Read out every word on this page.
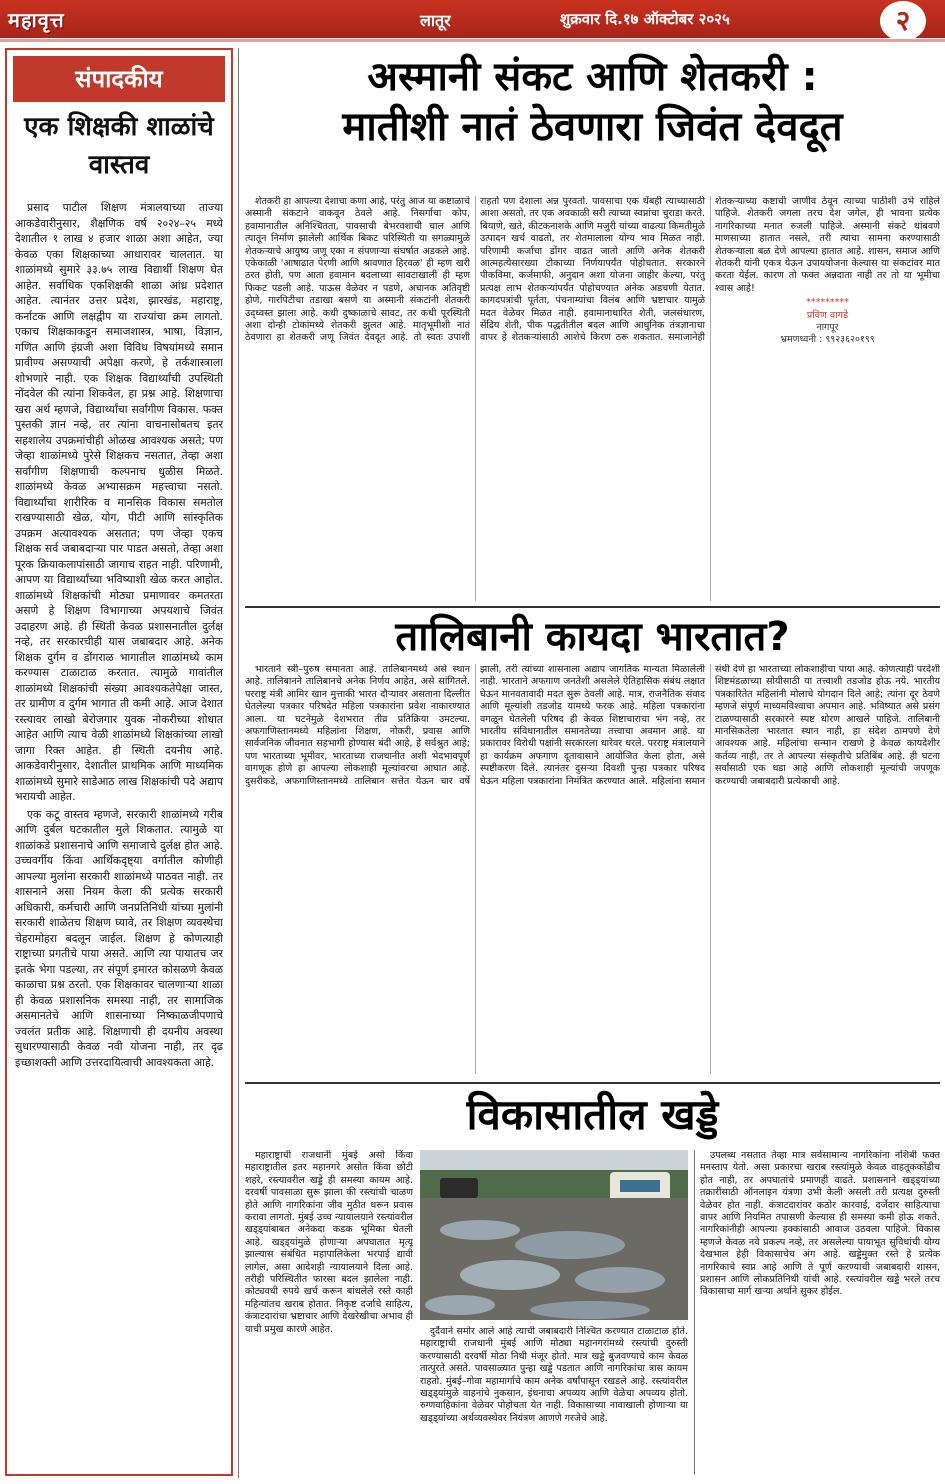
महावृत्त	लातूर	शुक्रवार दि.१७ ऑक्टोबर २०२५	२
संपादकीय
एक शिक्षकी शाळांचे वास्तव

प्रसाद पाटील शिक्षण मंत्रालयाच्या ताज्या आकडेवारीनुसार, शैक्षणिक वर्ष २०२४–२५ मध्ये देशातील १ लाख ४ हजार शाळा अशा आहेत, ज्या केवळ एका शिक्षकाच्या आधारावर चालतात. या शाळांमध्ये सुमारे ३३.७५ लाख विद्यार्थी शिक्षण घेत आहेत. सर्वाधिक एकशिक्षकी शाळा आंध्र प्रदेशात आहेत. त्यानंतर उत्तर प्रदेश, झारखंड, महाराष्ट्र, कर्नाटक आणि लक्षद्वीप या राज्यांचा क्रम लागतो. एकाच शिक्षकाकडून समाजशास्त्र, भाषा, विज्ञान, गणित आणि इंग्रजी अशा विविध विषयांमध्ये समान प्रावीण्य असण्याची अपेक्षा करणे, हे तर्कशास्त्राला शोभणारे नाही. एक शिक्षक विद्यार्थ्यांची उपस्थिती नोंदवेल की त्यांना शिकवेल, हा प्रश्न आहे. शिक्षणाचा खरा अर्थ म्हणजे, विद्यार्थ्यांचा सर्वांगीण विकास. फक्त पुस्तकी ज्ञान नव्हे, तर त्यांना वाचनासोबतच इतर सहशालेय उपक्रमांचीही ओळख आवश्यक असते; पण जेव्हा शाळांमध्ये पुरेसे शिक्षकच नसतात, तेव्हा अशा सर्वांगीण शिक्षणाची कल्पनाच धुळीस मिळते. शाळांमध्ये केवळ अभ्यासक्रम महत्त्वाचा नसतो. विद्यार्थ्यांचा शारीरिक व मानसिक विकास समतोल राखण्यासाठी खेळ, योग, पीटी आणि सांस्कृतिक उपक्रम अत्यावश्यक असतात; पण जेव्हा एकच शिक्षक सर्व जबाबदाऱ्या पार पाडत असतो, तेव्हा अशा पूरक क्रियाकलापांसाठी जागाच राहत नाही. परिणामी, आपण या विद्यार्थ्यांच्या भविष्याशी खेळ करत आहोत. शाळांमध्ये शिक्षकांची मोठ्या प्रमाणावर कमतरता असणे हे शिक्षण विभागाच्या अपयशाचे जिवंत उदाहरण आहे. ही स्थिती केवळ प्रशासनातील दुर्लक्ष नव्हे, तर सरकारचीही यास जबाबदार आहे. अनेक शिक्षक दुर्गम व डोंगराळ भागातील शाळांमध्ये काम करण्यास टाळाटाळ करतात. त्यामुळे गावांतील शाळांमध्ये शिक्षकांची संख्या आवश्यकतेपेक्षा जास्त, तर ग्रामीण व दुर्गम भागात ती कमी आहे. आज देशात रस्त्यावर लाखो बेरोजगार युवक नोकरीच्या शोधात आहेत आणि त्याच वेळी शाळांमध्ये शिक्षकांच्या लाखो जागा रिक्त आहेत. ही स्थिती दयनीय आहे. आकडेवारीनुसार, देशातील प्राथमिक आणि माध्यमिक शाळांमध्ये सुमारे साडेआठ लाख शिक्षकांची पदे अद्याप भरायची आहेत.

एक कटू वास्तव म्हणजे, सरकारी शाळांमध्ये गरीब आणि दुर्बल घटकातील मुले शिकतात. त्यामुळे या शाळांकडे प्रशासनाचे आणि समाजाचे दुर्लक्ष होत आहे. उच्चवर्गीय किंवा आर्थिकदृष्ट्या वर्गातील कोणीही आपल्या मुलांना सरकारी शाळांमध्ये पाठवत नाही. तर शासनाने असा नियम केला की प्रत्येक सरकारी अधिकारी, कर्मचारी आणि जनप्रतिनिधी यांच्या मुलांनी सरकारी शाळेतच शिक्षण घ्यावे, तर शिक्षण व्यवस्थेचा चेहरामोहरा बदलून जाईल. शिक्षण हे कोणत्याही राष्ट्राच्या प्रगतीचे पाया असते. आणि त्या पायातच जर इतके भेगा पडल्या, तर संपूर्ण इमारत कोसळणे केवळ काळाचा प्रश्न ठरतो. एक शिक्षकावर चालणाऱ्या शाळा ही केवळ प्रशासनिक समस्या नाही, तर सामाजिक असमानतेचे आणि शासनाच्या निष्काळजीपणाचे ज्वलंत प्रतीक आहे. शिक्षणाची ही दयनीय अवस्था सुधारण्यासाठी केवळ नवी योजना नाही, तर दृढ इच्छाशक्ती आणि उत्तरदायित्वाची आवश्यकता आहे.

अस्मानी संकट आणि शेतकरी :
मातीशी नातं ठेवणारा जिवंत देवदूत

शेतकरी हा आपल्या देशाचा कणा आहे, परंतु आज या कष्टाळाचे अस्मानी संकटाने वाकवून ठेवले आहे. निसर्गाचा कोप, हवामानातील अनिश्चितता, पावसाची बेभरवशाची चाल आणि त्यातून निर्माण झालेली आर्थिक बिकट परिस्थिती या सगळ्यामुळे शेतकऱ्याचे आयुष्य जणू एका न संपणाऱ्या संघर्षात अडकले आहे. एकेकाळी 'आषाढात पेरणी आणि श्रावणात हिरवळ' ही म्हण खरी ठरत होती, पण आता हवामान बदलाच्या सावटाखाली ही म्हण फिकट पडली आहे. पाऊस वेळेवर न पडणे, अचानक अतिवृष्टी होणे, गारपिटीचा तडाखा बसणे या अस्मानी संकटांनी शेतकरी उद्ध्वस्त झाला आहे. कधी दुष्काळाचे सावट, तर कधी पूरस्थिती अशा दोन्ही टोकांमध्ये शेतकरी झुलत आहे. मातृभूमीशी नातं ठेवणारा हा शेतकरी जणू जिवंत देवदूत आहे. तो स्वतः उपाशी राहतो पण देशाला अन्न पुरवतो. पावसाचा एक थेंबही त्याच्यासाठी आशा असतो, तर एक अवकाळी सरी त्याच्या स्वप्नांचा चुराडा करते. बियाणे, खते, कीटकनाशके आणि मजुरी यांच्या वाढत्या किमतीमुळे उत्पादन खर्च वाढतो, तर शेतमालाला योग्य भाव मिळत नाही. परिणामी कर्जाचा डोंगर वाढत जातो आणि अनेक शेतकरी आत्महत्येसारख्या टोकाच्या निर्णयापर्यंत पोहोचतात. सरकारने पीकविमा, कर्जमाफी, अनुदान अशा योजना जाहीर केल्या, परंतु प्रत्यक्ष लाभ शेतकऱ्यांपर्यंत पोहोचण्यात अनेक अडचणी येतात. कागदपत्रांची पूर्तता, पंचनाम्यांचा विलंब आणि भ्रष्टाचार यामुळे मदत वेळेवर मिळत नाही. हवामानाधारित शेती, जलसंधारण, सेंद्रिय शेती, पीक पद्धतीतील बदल आणि आधुनिक तंत्रज्ञानाचा वापर हे शेतकऱ्यांसाठी आशेचे किरण ठरू शकतात. समाजानेही शेतकऱ्याच्या कष्टाची जाणीव ठेवून त्याच्या पाठीशी उभे राहिले पाहिजे. शेतकरी जगला तरच देश जगेल, ही भावना प्रत्येक नागरिकाच्या मनात रुजली पाहिजे. अस्मानी संकटे थांबवणे माणसाच्या हातात नसले, तरी त्याचा सामना करण्यासाठी शेतकऱ्याला बळ देणे आपल्या हातात आहे. शासन, समाज आणि शेतकरी यांनी एकत्र येऊन उपाययोजना केल्यास या संकटांवर मात करता येईल. कारण तो फक्त अन्नदाता नाही तर तो या भूमीचा श्वास आहे!

*********
प्रविण वागडे
नागपूर
भ्रमणध्वनी : ९९२३६२०१९९
तालिबानी कायदा भारतात?

भारताने स्त्री–पुरुष समानता आहे. तालिबानमध्ये असे स्थान आहे. तालिबानने तालिबानचे अनेक निर्णय आहेत, असे सांगितले. परराष्ट्र मंत्री आमिर खान मुत्ताकी भारत दौऱ्यावर असताना दिल्लीत घेतलेल्या पत्रकार परिषदेत महिला पत्रकारांना प्रवेश नाकारण्यात आला. या घटनेमुळे देशभरात तीव्र प्रतिक्रिया उमटल्या. अफगाणिस्तानमध्ये महिलांना शिक्षण, नोकरी, प्रवास आणि सार्वजनिक जीवनात सहभागी होण्यास बंदी आहे, हे सर्वश्रुत आहे; पण भारताच्या भूमीवर, भारताच्या राजधानीत अशी भेदभावपूर्ण वागणूक होणे हा आपल्या लोकशाही मूल्यांवरचा आघात आहे. दुसरीकडे, अफगाणिस्तानमध्ये तालिबान सत्तेत येऊन चार वर्षे झाली, तरी त्यांच्या शासनाला अद्याप जागतिक मान्यता मिळालेली नाही. भारताने अफगाण जनतेशी असलेले ऐतिहासिक संबंध लक्षात घेऊन मानवतावादी मदत सुरू ठेवली आहे. मात्र, राजनैतिक संवाद आणि मूल्यांशी तडजोड यामध्ये फरक आहे. महिला पत्रकारांना वगळून घेतलेली परिषद ही केवळ शिष्टाचाराचा भंग नव्हे, तर भारतीय संविधानातील समानतेच्या तत्त्वाचा अवमान आहे. या प्रकारावर विरोधी पक्षांनी सरकारला धारेवर धरले. परराष्ट्र मंत्रालयाने हा कार्यक्रम अफगाण दूतावासाने आयोजित केला होता, असे स्पष्टीकरण दिले. त्यानंतर दुसऱ्या दिवशी पुन्हा पत्रकार परिषद घेऊन महिला पत्रकारांना निमंत्रित करण्यात आले. महिलांना समान संधी देणे हा भारताच्या लोकशाहीचा पाया आहे. कोणत्याही परदेशी शिष्टमंडळाच्या सोयीसाठी या तत्त्वाशी तडजोड होऊ नये. भारतीय पत्रकारितेत महिलांनी मोलाचे योगदान दिले आहे; त्यांना दूर ठेवणे म्हणजे संपूर्ण माध्यमविश्वाचा अपमान आहे. भविष्यात असे प्रसंग टाळण्यासाठी सरकारने स्पष्ट धोरण आखले पाहिजे. तालिबानी मानसिकतेला भारतात स्थान नाही, हा संदेश ठामपणे देणे आवश्यक आहे. महिलांचा सन्मान राखणे हे केवळ कायदेशीर कर्तव्य नाही, तर ते आपल्या संस्कृतीचे प्रतिबिंब आहे. ही घटना सर्वांसाठी एक धडा आहे आणि लोकशाही मूल्यांची जपणूक करण्याची जबाबदारी प्रत्येकाची आहे.

विकासातील खड्डे

महाराष्ट्राची राजधानी मुंबई असो किंवा महाराष्ट्रातील इतर महानगरे असोत किंवा छोटी शहरे, रस्त्यावरील खड्डे ही समस्या कायम आहे. दरवर्षी पावसाळा सुरू झाला की रस्त्यांची चाळण होते आणि नागरिकांना जीव मुठीत धरून प्रवास करावा लागतो. मुंबई उच्च न्यायालयाने रस्त्यांवरील खड्ड्यांबाबत अनेकदा कडक भूमिका घेतली आहे. खड्ड्यांमुळे होणाऱ्या अपघातात मृत्यू झाल्यास संबंधित महापालिकेला भरपाई द्यावी लागेल, असा आदेशही न्यायालयाने दिला आहे. तरीही परिस्थितीत फारसा बदल झालेला नाही. कोट्यवधी रुपये खर्च करून बांधलेले रस्ते काही महिन्यांतच खराब होतात. निकृष्ट दर्जाचे साहित्य, कंत्राटदारांचा भ्रष्टाचार आणि देखरेखीचा अभाव ही याची प्रमुख कारणे आहेत.	दुर्दैवाने समोर आले आहे त्याची जबाबदारी निश्चित करण्यात टाळाटाळ होते. महाराष्ट्राची राजधानी मुंबई आणि मोठ्या महानगरांमध्ये रस्त्यांची दुरुस्ती करण्यासाठी दरवर्षी मोठा निधी मंजूर होतो. मात्र खड्डे बुजवण्याचे काम केवळ तात्पुरते असते. पावसाळ्यात पुन्हा खड्डे पडतात आणि नागरिकांचा त्रास कायम राहतो. मुंबई–गोवा महामार्गाचे काम अनेक वर्षांपासून रखडले आहे. रस्त्यांवरील खड्ड्यांमुळे वाहनांचे नुकसान, इंधनाचा अपव्यय आणि वेळेचा अपव्यय होतो. रुग्णवाहिकांना वेळेवर पोहोचता येत नाही. विकासाच्या नावाखाली होणाऱ्या या खड्ड्यांच्या अर्थव्यवस्थेवर नियंत्रण आणणे गरजेचे आहे.

उपलब्ध नसतात तेव्हा मात्र सर्वसामान्य नागरिकांना नशिबी फक्त मनस्ताप येतो. असा प्रकारचा खराब रस्त्यांमुळे केवळ वाहतूककोंडीच होत नाही, तर अपघातांचे प्रमाणही वाढते. प्रशासनाने खड्ड्यांच्या तक्रारींसाठी ऑनलाइन यंत्रणा उभी केली असली तरी प्रत्यक्ष दुरुस्ती वेळेवर होत नाही. कंत्राटदारांवर कठोर कारवाई, दर्जेदार साहित्याचा वापर आणि नियमित तपासणी केल्यास ही समस्या कमी होऊ शकते. नागरिकांनीही आपल्या हक्कांसाठी आवाज उठवला पाहिजे. विकास म्हणजे केवळ नवे प्रकल्प नव्हे, तर असलेल्या पायाभूत सुविधांची योग्य देखभाल हेही विकासाचेच अंग आहे. खड्डेमुक्त रस्ते हे प्रत्येक नागरिकाचे स्वप्न आहे आणि ते पूर्ण करण्याची जबाबदारी शासन, प्रशासन आणि लोकप्रतिनिधी यांची आहे. रस्त्यांवरील खड्डे भरले तरच विकासाचा मार्ग खऱ्या अर्थाने सुकर होईल.
